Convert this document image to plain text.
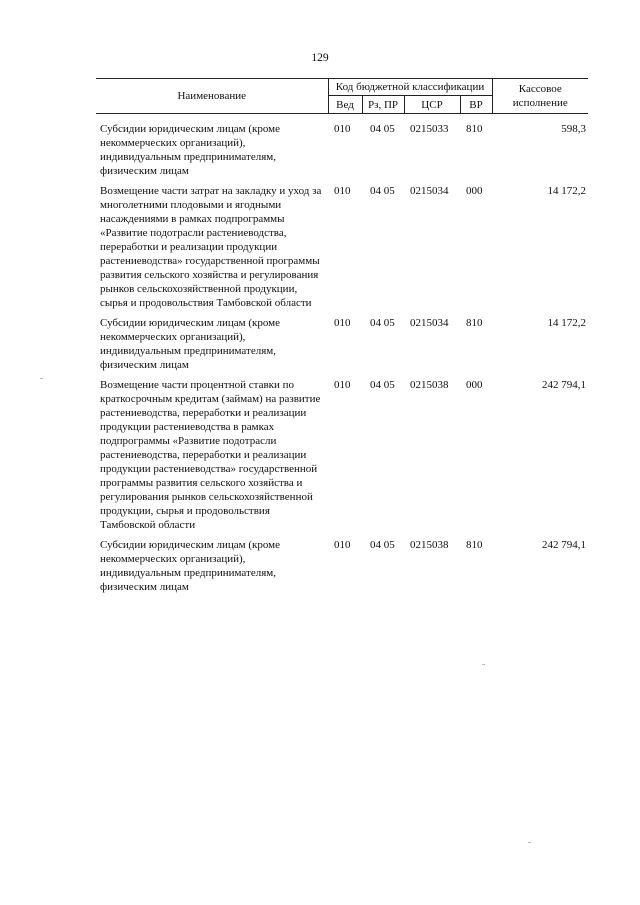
129
Наименование	Код бюджетной классификации				Кассовое исполнение
	Вед	Рз, ПР	ЦСР	ВР	
Субсидии юридическим лицам (кроме некоммерческих организаций), индивидуальным предпринимателям, физическим лицам	010	04 05	0215033	810	598,3
Возмещение части затрат на закладку и уход за многолетними плодовыми и ягодными насаждениями в рамках подпрограммы «Развитие подотрасли растениеводства, переработки и реализации продукции растениеводства» государственной программы развития сельского хозяйства и регулирования рынков сельскохозяйственной продукции, сырья и продовольствия Тамбовской области	010	04 05	0215034	000	14 172,2
Субсидии юридическим лицам (кроме некоммерческих организаций), индивидуальным предпринимателям, физическим лицам	010	04 05	0215034	810	14 172,2
Возмещение части процентной ставки по краткосрочным кредитам (займам) на развитие растениеводства, переработки и реализации продукции растениеводства в рамках подпрограммы «Развитие подотрасли растениеводства, переработки и реализации продукции растениеводства» государственной программы развития сельского хозяйства и регулирования рынков сельскохозяйственной продукции, сырья и продовольствия Тамбовской области	010	04 05	0215038	000	242 794,1
Субсидии юридическим лицам (кроме некоммерческих организаций), индивидуальным предпринимателям, физическим лицам	010	04 05	0215038	810	242 794,1
